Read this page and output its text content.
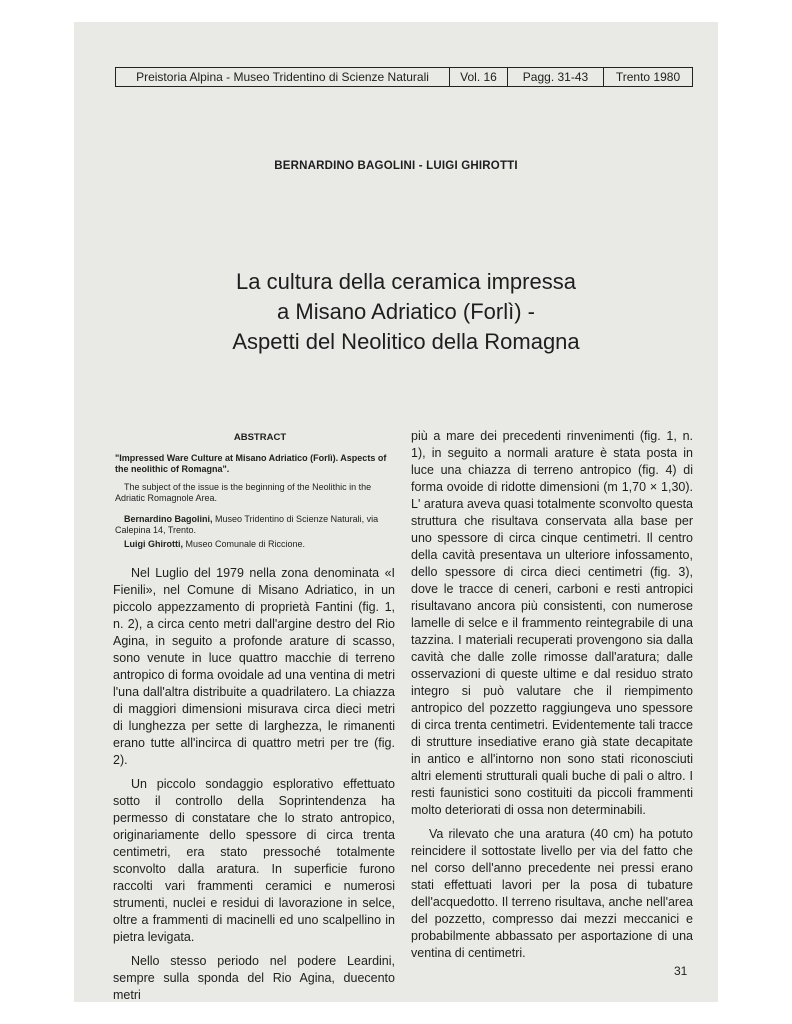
Preistoria Alpina - Museo Tridentino di Scienze Naturali	Vol. 16	Pagg. 31-43	Trento 1980
BERNARDINO BAGOLINI - LUIGI GHIROTTI
La cultura della ceramica impressa
a Misano Adriatico (Forlì) -
Aspetti del Neolitico della Romagna
ABSTRACT

"Impressed Ware Culture at Misano Adriatico (Forlì). Aspects of the neolithic of Romagna".

The subject of the issue is the beginning of the Neolithic in the Adriatic Romagnole Area.

Bernardino Bagolini, Museo Tridentino di Scienze Naturali, via Calepina 14, Trento.

Luigi Ghirotti, Museo Comunale di Riccione.

Nel Luglio del 1979 nella zona denominata «I Fienili», nel Comune di Misano Adriatico, in un piccolo appezzamento di proprietà Fantini (fig. 1, n. 2), a circa cento metri dall'argine destro del Rio Agina, in seguito a profonde arature di scasso, sono venute in luce quattro macchie di terreno antropico di forma ovoidale ad una ventina di metri l'una dall'altra distribuite a quadrilatero. La chiazza di maggiori dimensioni misurava circa dieci metri di lunghezza per sette di larghezza, le rimanenti erano tutte all'incirca di quattro metri per tre (fig. 2).

Un piccolo sondaggio esplorativo effettuato sotto il controllo della Soprintendenza ha permesso di constatare che lo strato antropico, originariamente dello spessore di circa trenta centimetri, era stato pressoché totalmente sconvolto dalla aratura. In superficie furono raccolti vari frammenti ceramici e numerosi strumenti, nuclei e residui di lavorazione in selce, oltre a frammenti di macinelli ed uno scalpellino in pietra levigata.

Nello stesso periodo nel podere Leardini, sempre sulla sponda del Rio Agina, duecento metri

più a mare dei precedenti rinvenimenti (fig. 1, n. 1), in seguito a normali arature è stata posta in luce una chiazza di terreno antropico (fig. 4) di forma ovoide di ridotte dimensioni (m 1,70 × 1,30). L' aratura aveva quasi totalmente sconvolto questa struttura che risultava conservata alla base per uno spessore di circa cinque centimetri. Il centro della cavità presentava un ulteriore infossamento, dello spessore di circa dieci centimetri (fig. 3), dove le tracce di ceneri, carboni e resti antropici risultavano ancora più consistenti, con numerose lamelle di selce e il frammento reintegrabile di una tazzina. I materiali recuperati provengono sia dalla cavità che dalle zolle rimosse dall'aratura; dalle osservazioni di queste ultime e dal residuo strato integro si può valutare che il riempimento antropico del pozzetto raggiungeva uno spessore di circa trenta centimetri. Evidentemente tali tracce di strutture insediative erano già state decapitate in antico e all'intorno non sono stati riconosciuti altri elementi strutturali quali buche di pali o altro. I resti faunistici sono costituiti da piccoli frammenti molto deteriorati di ossa non determinabili.

Va rilevato che una aratura (40 cm) ha potuto reincidere il sottostate livello per via del fatto che nel corso dell'anno precedente nei pressi erano stati effettuati lavori per la posa di tubature dell'acquedotto. Il terreno risultava, anche nell'area del pozzetto, compresso dai mezzi meccanici e probabilmente abbassato per asportazione di una ventina di centimetri.

31
